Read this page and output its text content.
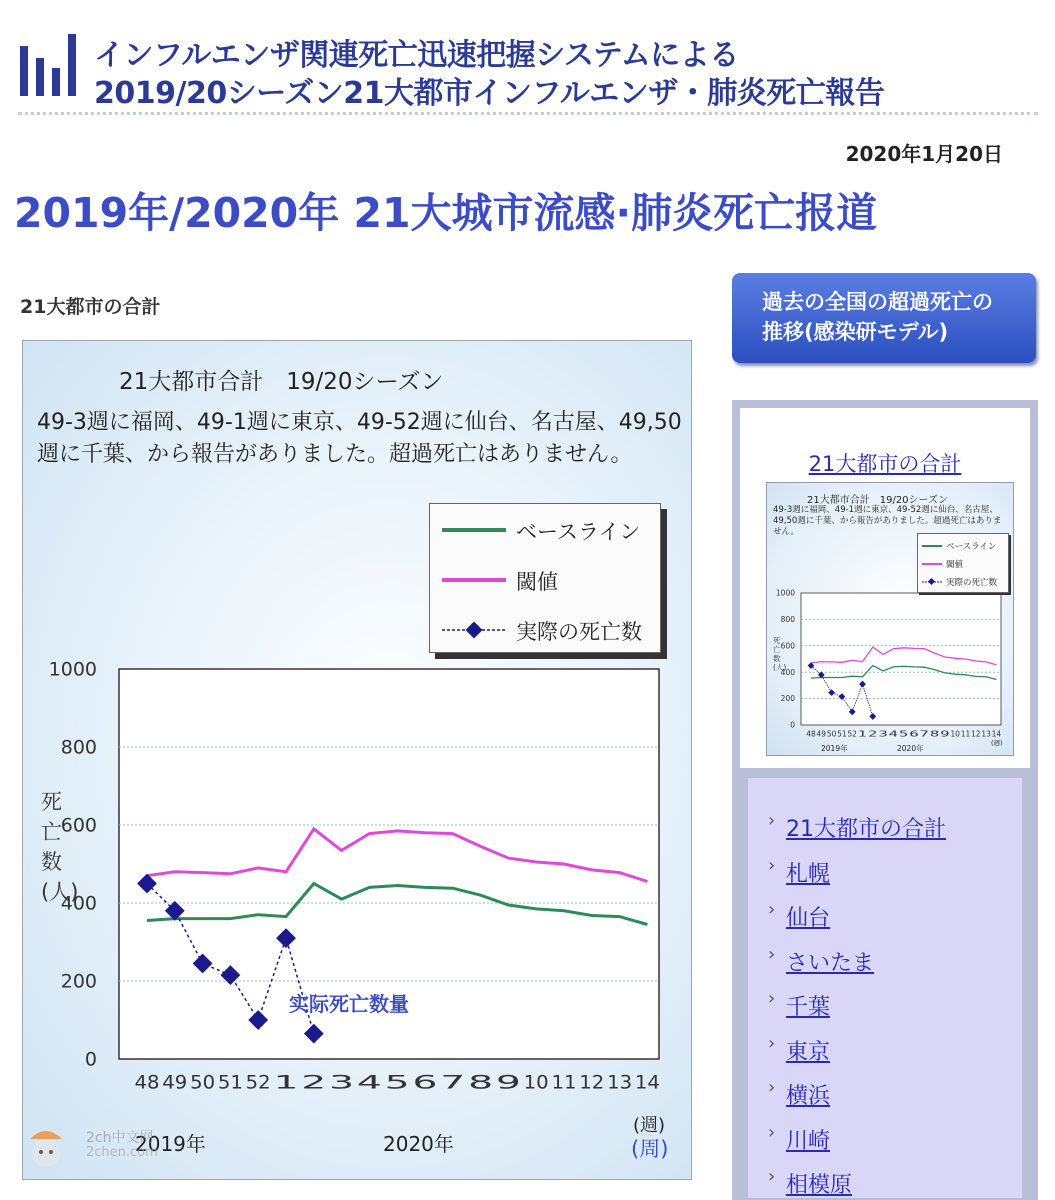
インフルエンザ関連死亡迅速把握システムによる
2019/20シーズン21大都市インフルエンザ・肺炎死亡報告
2020年1月20日
2019年/2020年 21大城市流感·肺炎死亡报道
21大都市の合計
0
200
400
600
800
1000
48 49 50 51 52 1 2 3 4 5 6 7 8 9 10 11 12 13 14
死
亡
数
(人)
2019年	2020年
(週)
(周)
实际死亡数量
21大都市合計　19/20シーズン
49-3週に福岡、49-1週に東京、49-52週に仙台、名古屋、49,50週に千葉、から報告がありました。超過死亡はありません。
ベースライン
閾値
実際の死亡数
過去の全国の超過死亡の
推移(感染研モデル)
21大都市の合計
0
200
400
600
800
1000
48 49 50 51 52 1 2 3 4 5 6 7 8 9 10 11 12 13 14
死
亡
数
(人)
2019年	2020年
(週)
21大都市合計　19/20シーズン
49-3週に福岡、49-1週に東京、49-52週に仙台、名古屋、49,50週に千葉、から報告がありました。超過死亡はありません。
ベースライン
閾値
実際の死亡数
› 21大都市の合計
› 札幌
› 仙台
› さいたま
› 千葉
› 東京
› 横浜
› 川崎
› 相模原
2ch中文网
2chen.com
